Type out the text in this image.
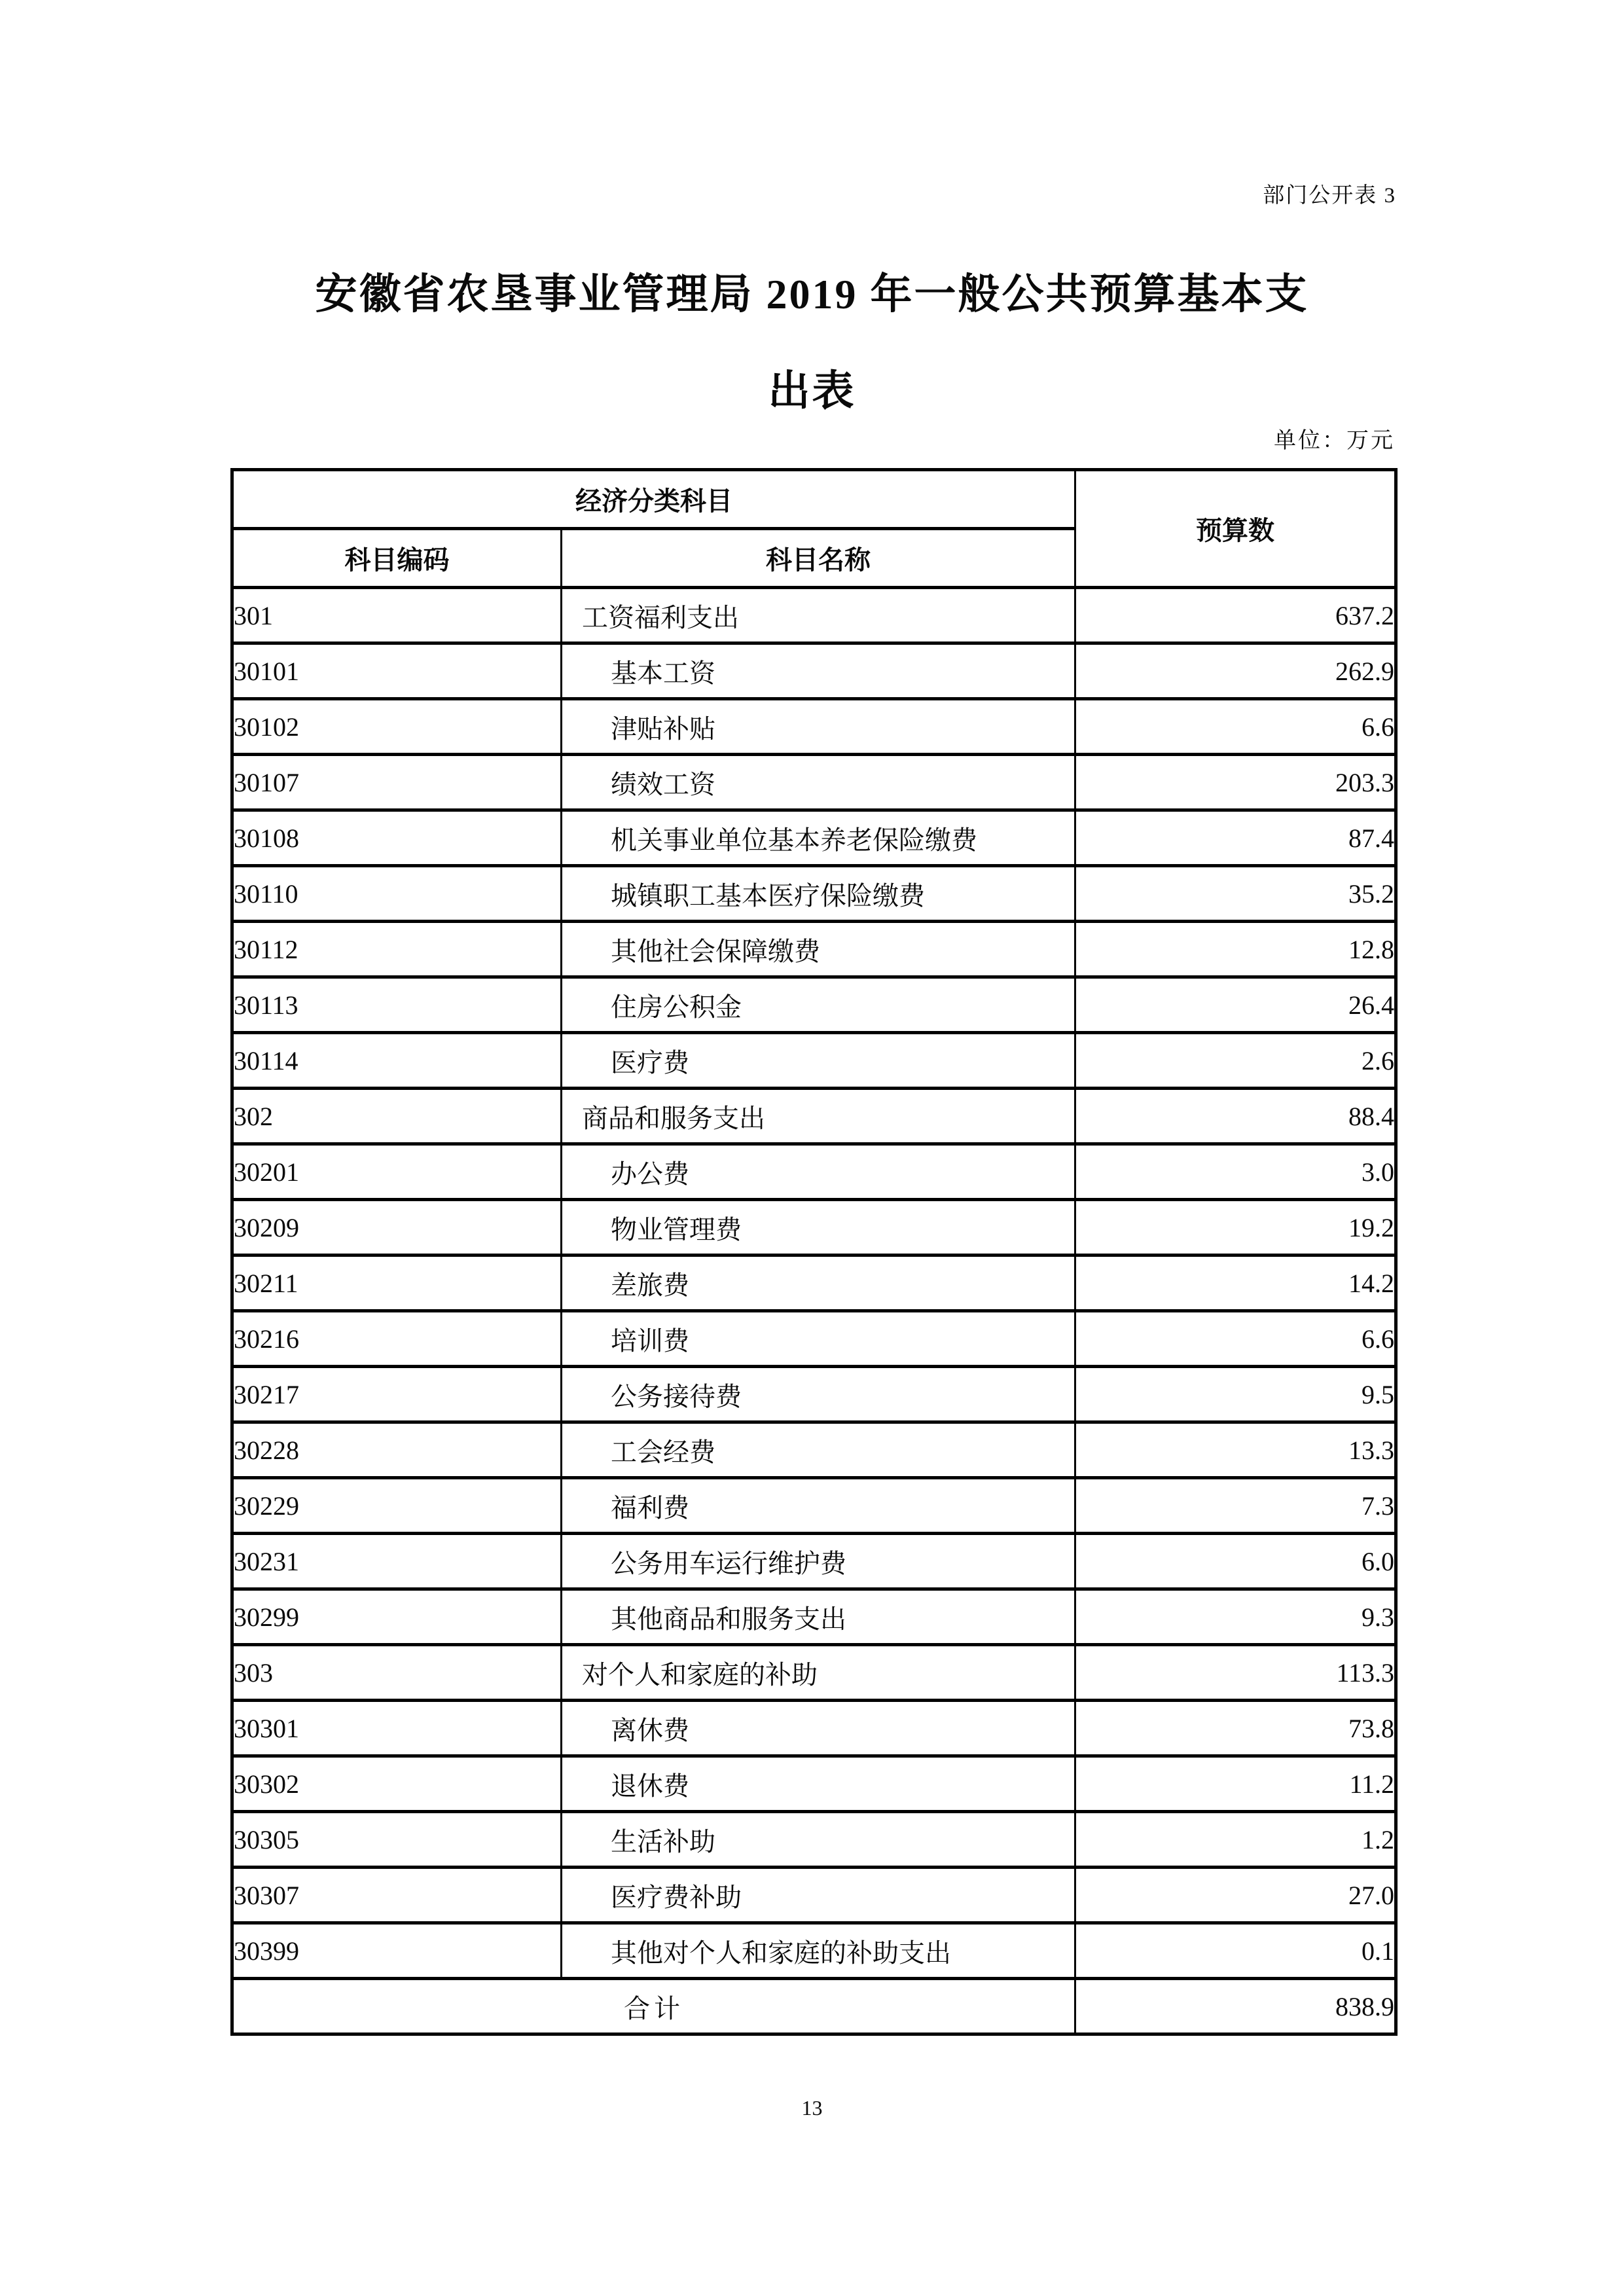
部门公开表 3
安徽省农垦事业管理局 2019 年一般公共预算基本支
出表
单位：万元
经济分类科目		预算数
科目编码	科目名称	
301	工资福利支出	637.2
30101	基本工资	262.9
30102	津贴补贴	6.6
30107	绩效工资	203.3
30108	机关事业单位基本养老保险缴费	87.4
30110	城镇职工基本医疗保险缴费	35.2
30112	其他社会保障缴费	12.8
30113	住房公积金	26.4
30114	医疗费	2.6
302	商品和服务支出	88.4
30201	办公费	3.0
30209	物业管理费	19.2
30211	差旅费	14.2
30216	培训费	6.6
30217	公务接待费	9.5
30228	工会经费	13.3
30229	福利费	7.3
30231	公务用车运行维护费	6.0
30299	其他商品和服务支出	9.3
303	对个人和家庭的补助	113.3
30301	离休费	73.8
30302	退休费	11.2
30305	生活补助	1.2
30307	医疗费补助	27.0
30399	其他对个人和家庭的补助支出	0.1
合计		838.9
13
